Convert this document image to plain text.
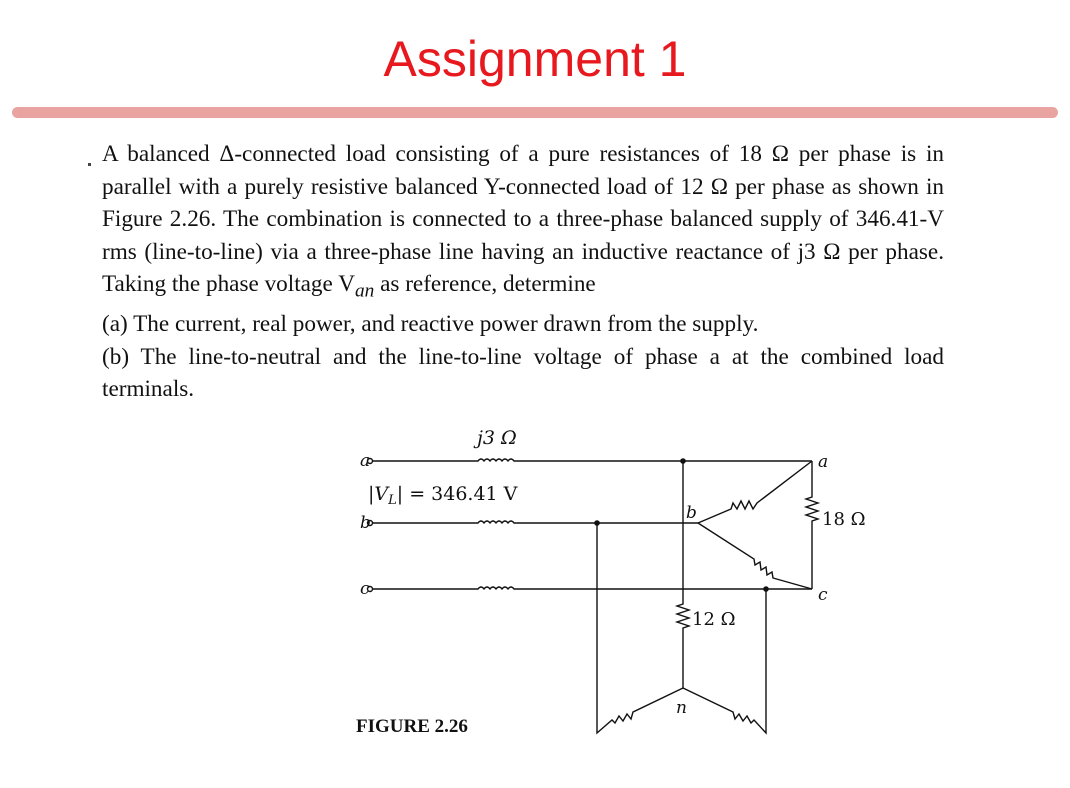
Assignment 1

A balanced Δ-connected load consisting of a pure resistances of 18 Ω per phase is in parallel with a purely resistive balanced Y-connected load of 12 Ω per phase as shown in Figure 2.26. The combination is connected to a three-phase balanced supply of 346.41-V rms (line-to-line) via a three-phase line having an inductive reactance of j3 Ω per phase. Taking the phase voltage $V_{an}$ as reference, determine

(a) The current, real power, and reactive power drawn from the supply.

(b) The line-to-neutral and the line-to-line voltage of phase a at the combined load terminals.

j3 Ω
a
b
c
$|V_L| = 346.41$ V
a
b
c
n
18 Ω
12 Ω
FIGURE 2.26
